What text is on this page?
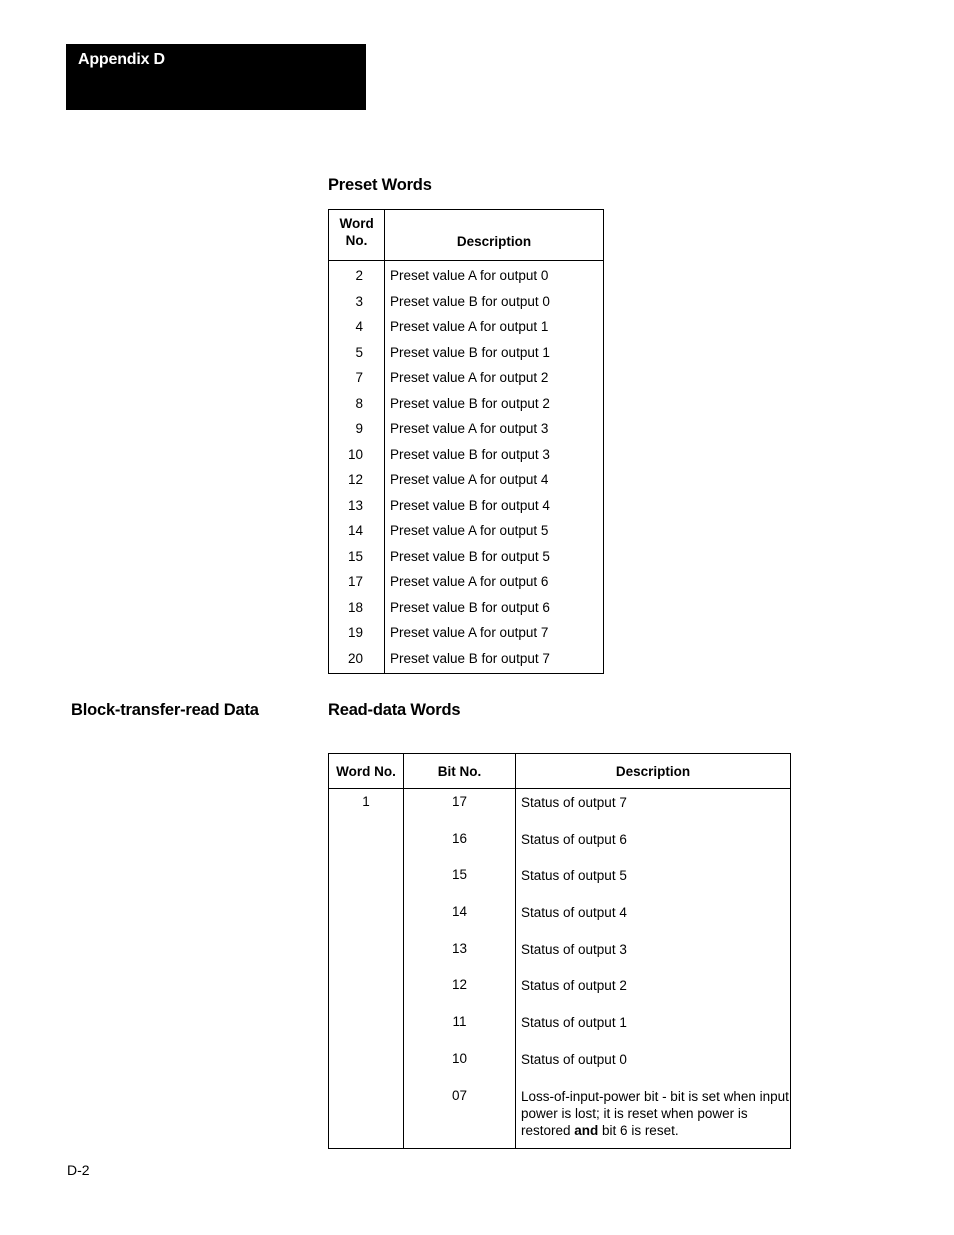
Appendix D
Preset Words
Word No.	Description
2	Preset value A for output 0
3	Preset value B for output 0
4	Preset value A for output 1
5	Preset value B for output 1
7	Preset value A for output 2
8	Preset value B for output 2
9	Preset value A for output 3
10	Preset value B for output 3
12	Preset value A for output 4
13	Preset value B for output 4
14	Preset value A for output 5
15	Preset value B for output 5
17	Preset value A for output 6
18	Preset value B for output 6
19	Preset value A for output 7
20	Preset value B for output 7
Block-transfer-read Data	Read-data Words
Word No.	Bit No.	Description
1	17	Status of output 7
	16	Status of output 6
	15	Status of output 5
	14	Status of output 4
	13	Status of output 3
	12	Status of output 2
	11	Status of output 1
	10	Status of output 0
	07	Loss-of-input-power bit - bit is set when input power is lost; it is reset when power is restored and bit 6 is reset.
D-2
